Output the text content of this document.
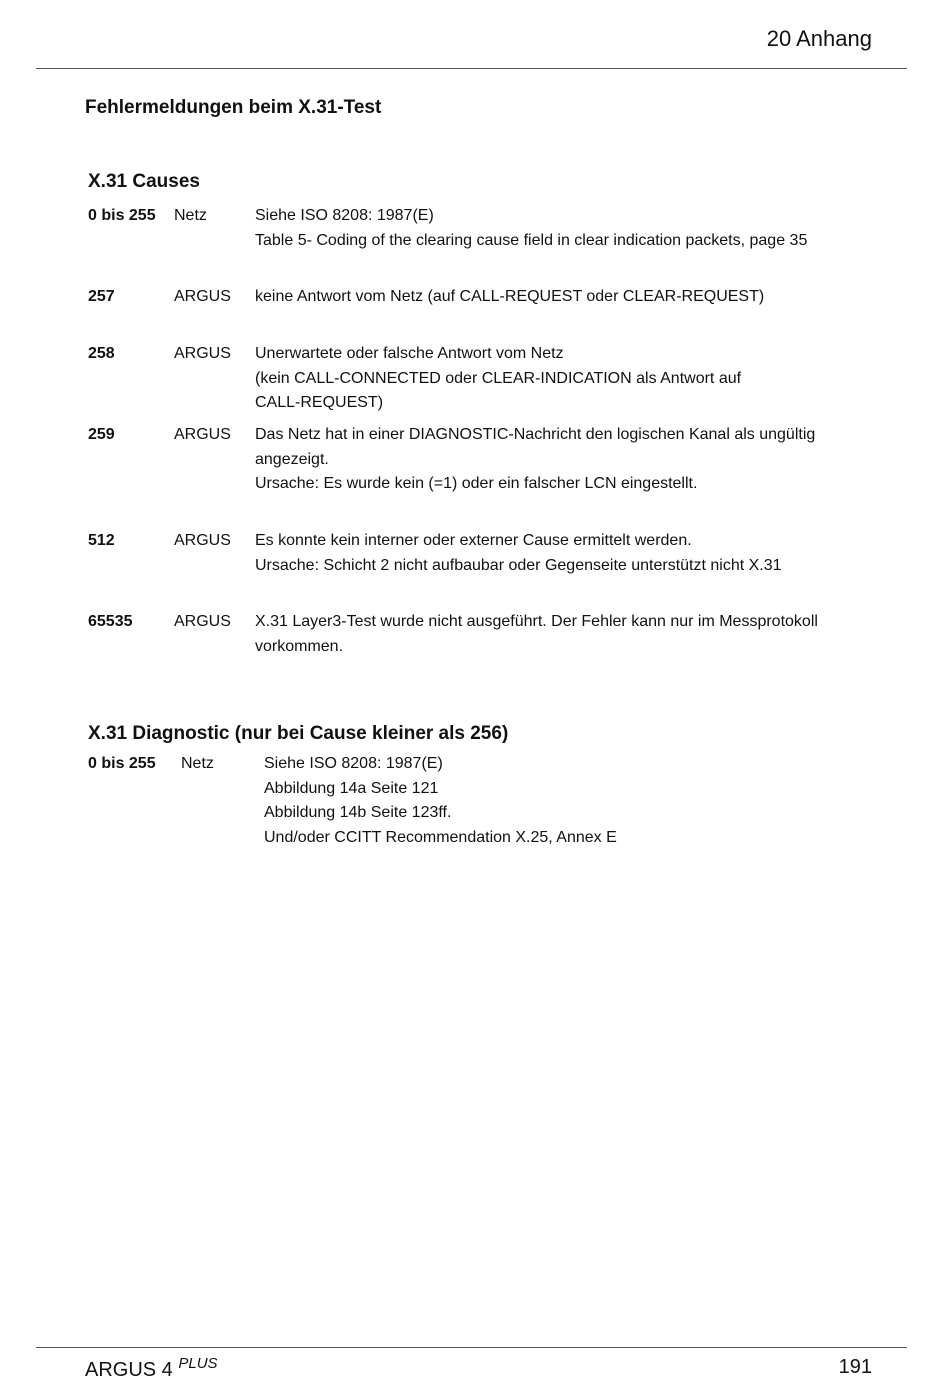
20 Anhang
Fehlermeldungen beim X.31-Test
X.31 Causes
0 bis 255 Netz	Siehe ISO 8208: 1987(E)
Table 5- Coding of the clearing cause field in clear indication packets, page 35
257	ARGUS keine Antwort vom Netz (auf CALL-REQUEST oder CLEAR-REQUEST)
258	ARGUS Unerwartete oder falsche Antwort vom Netz
(kein CALL-CONNECTED oder CLEAR-INDICATION als Antwort auf
CALL-REQUEST)
259	ARGUS Das Netz hat in einer DIAGNOSTIC-Nachricht den logischen Kanal als ungültig
angezeigt.
Ursache: Es wurde kein (=1) oder ein falscher LCN eingestellt.
512	ARGUS Es konnte kein interner oder externer Cause ermittelt werden.
Ursache: Schicht 2 nicht aufbaubar oder Gegenseite unterstützt nicht X.31
65535	ARGUS X.31 Layer3-Test wurde nicht ausgeführt. Der Fehler kann nur im Messprotokoll
vorkommen.
X.31 Diagnostic (nur bei Cause kleiner als 256)
0 bis 255 Netz	Siehe ISO 8208: 1987(E)
Abbildung 14a Seite 121
Abbildung 14b Seite 123ff.
Und/oder CCITT Recommendation X.25, Annex E
ARGUS 4 $^{PLUS}$	191
